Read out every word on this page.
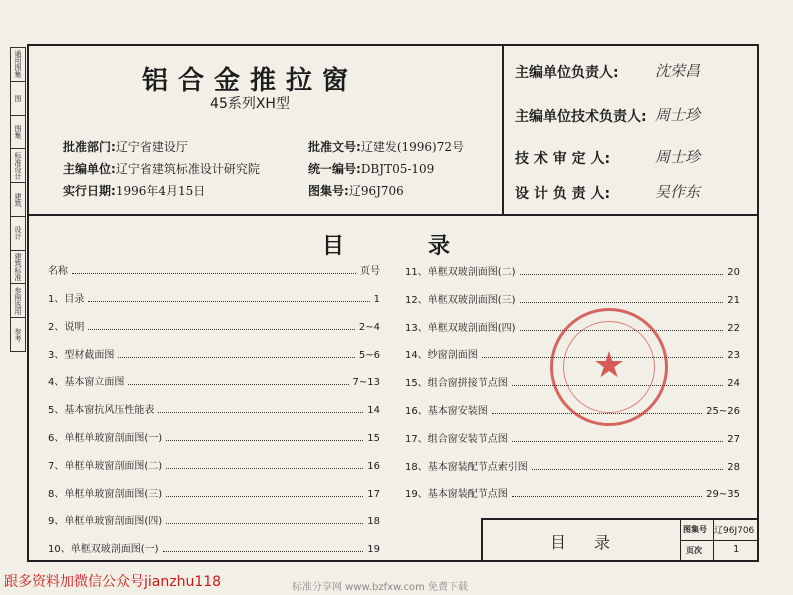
通用图集
图
图集
标准设计
建筑
设计
建筑标准
参照选用
参考
铝合金推拉窗
45系列XH型
批准部门:辽宁省建设厅	批准文号:辽建发(1996)72号
主编单位:辽宁省建筑标准设计研究院	统一编号:DBJT05-109
实行日期:1996年4月15日	图集号:辽96J706
主编单位负责人: 沈荣昌
主编单位技术负责人: 周士珍
技 术 审 定 人:	周士珍
设 计 负 责 人:	吴作东
目	录
名称	页号
1、目录	1
2、说明	2~4
3、型材截面图	5~6
4、基本窗立面图	7~13
5、基本窗抗风压性能表	14
6、单框单玻窗剖面图(一)	15
7、单框单玻窗剖面图(二)	16
8、单框单玻窗剖面图(三)	17
9、单框单玻窗剖面图(四)	18
10、单框双玻剖面图(一)	19
11、单框双玻剖面图(二)	20
12、单框双玻剖面图(三)	21
13、单框双玻剖面图(四)	22
14、纱窗剖面图	23
15、组合窗拼接节点图	24
16、基本窗安装图	25~26
17、组合窗安装节点图	27
18、基本窗装配节点索引图	28
19、基本窗装配节点图	29~35
★
目　录
图集号 辽96J706
页次	1
跟多资料加微信公众号jianzhu118	标准分享网 www.bzfxw.com 免费下载
